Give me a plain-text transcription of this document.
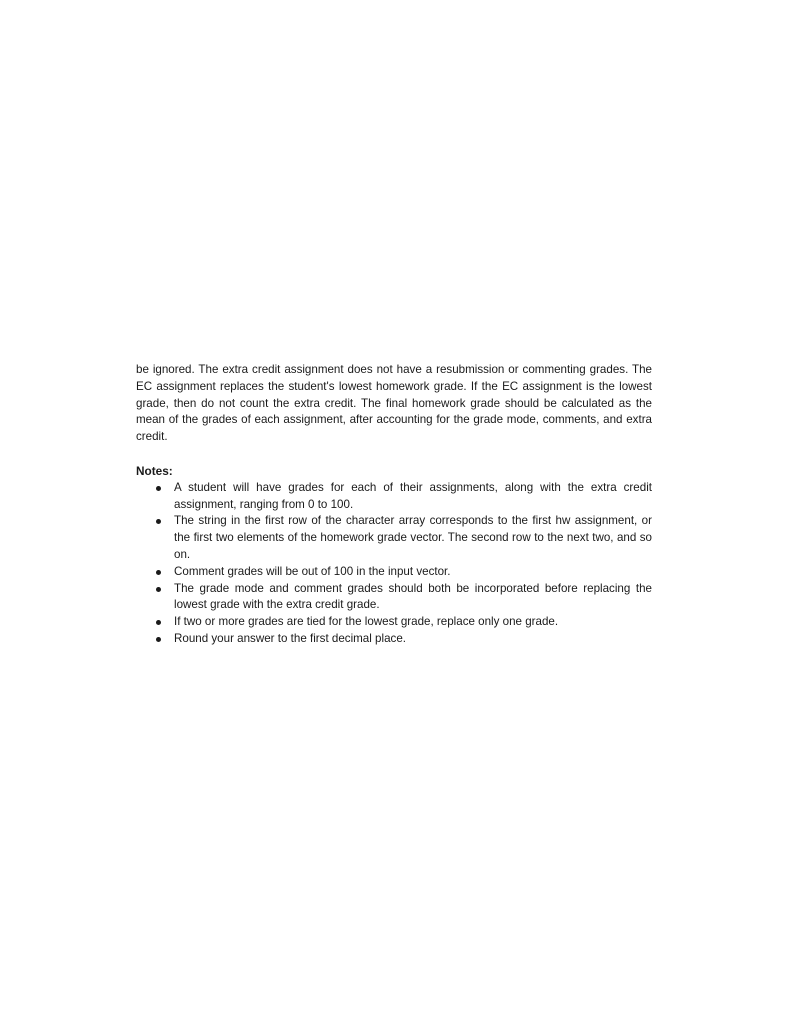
be ignored. The extra credit assignment does not have a resubmission or commenting grades. The EC assignment replaces the student's lowest homework grade. If the EC assignment is the lowest grade, then do not count the extra credit. The final homework grade should be calculated as the mean of the grades of each assignment, after accounting for the grade mode, comments, and extra credit.

Notes:
A student will have grades for each of their assignments, along with the extra credit assignment, ranging from 0 to 100.
The string in the first row of the character array corresponds to the first hw assignment, or the first two elements of the homework grade vector. The second row to the next two, and so on.
Comment grades will be out of 100 in the input vector.
The grade mode and comment grades should both be incorporated before replacing the lowest grade with the extra credit grade.
If two or more grades are tied for the lowest grade, replace only one grade.
Round your answer to the first decimal place.
